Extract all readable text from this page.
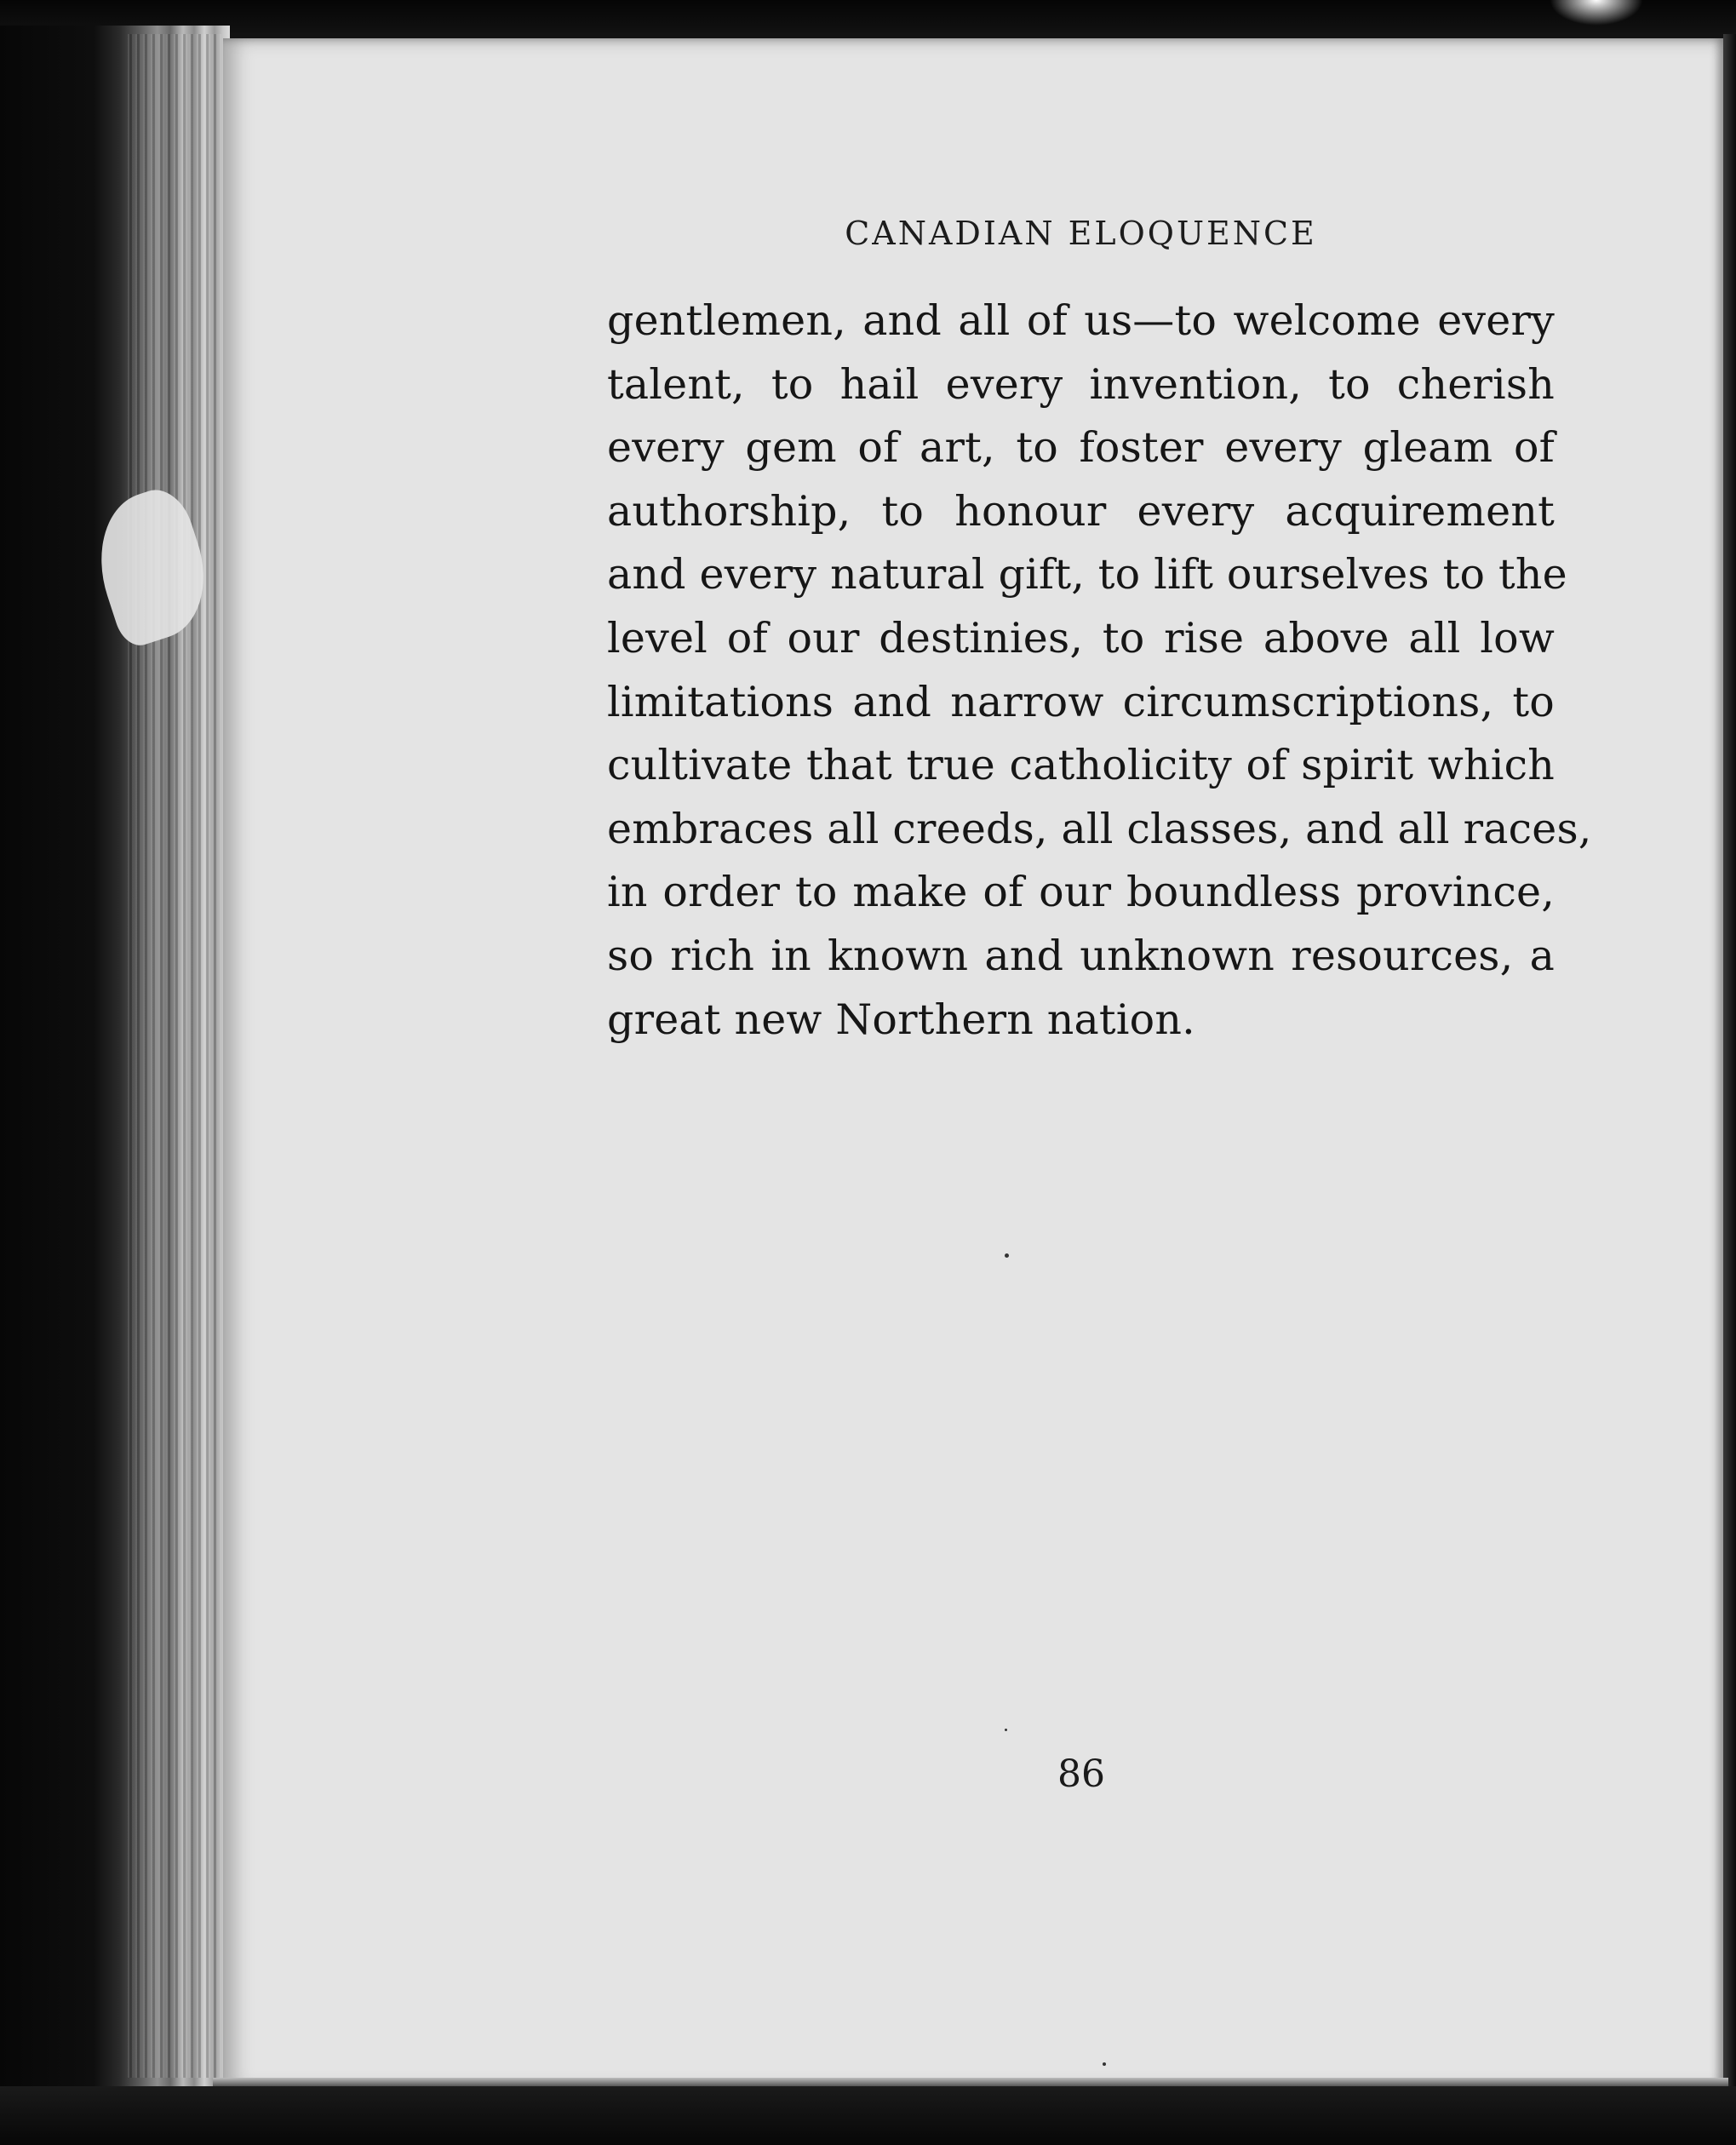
CANADIAN ELOQUENCE

gentlemen, and all of us—to welcome every
talent, to hail every invention, to cherish
every gem of art, to foster every gleam of
authorship, to honour every acquirement
and every natural gift, to lift ourselves to the
level of our destinies, to rise above all low
limitations and narrow circumscriptions, to
cultivate that true catholicity of spirit which
embraces all creeds, all classes, and all races,
in order to make of our boundless province,
so rich in known and unknown resources, a
great new Northern nation.

86
